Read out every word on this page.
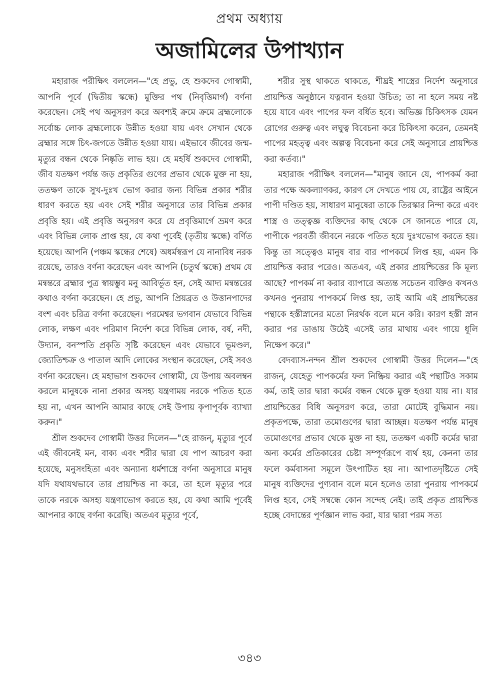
প্রথম অধ্যায়
অজামিলের উপাখ্যান

মহারাজ পরীক্ষিৎ বললেন—"হে প্রভু, হে শুকদেব গোস্বামী, আপনি পূর্বে (দ্বিতীয় স্কন্ধে) মুক্তির পথ (নিবৃত্তিমার্গ) বর্ণনা করেছেন। সেই পথ অনুসরণ করে অবশ্যই ক্রমে ক্রমে ব্রহ্মলোকে সর্বোচ্চ লোক ব্রহ্মলোকে উন্নীত হওয়া যায় এবং সেখান থেকে ব্রহ্মার সঙ্গে চিৎ-জগতে উন্নীত হওয়া যায়। এইভাবে জীবের জন্ম-মৃত্যুর বন্ধন থেকে নিষ্কৃতি লাভ হয়। হে মহর্ষি শুকদেব গোস্বামী, জীব যতক্ষণ পর্যন্ত জড় প্রকৃতির গুণের প্রভাব থেকে মুক্ত না হয়, ততক্ষণ তাকে সুখ-দুঃখ ভোগ করার জন্য বিভিন্ন প্রকার শরীর ধারণ করতে হয় এবং সেই শরীর অনুসারে তার বিভিন্ন প্রকার প্রবৃত্তি হয়। এই প্রবৃত্তি অনুসরণ করে যে প্রবৃত্তিমার্গে ভ্রমণ করে এবং বিভিন্ন লোক প্রাপ্ত হয়, যে কথা পূর্বেই (তৃতীয় স্কন্ধে) বর্ণিত হয়েছে। আপনি (পঞ্চম স্কন্ধের শেষে) অধর্মস্বরূপ যে নানাবিধ নরক রয়েছে, তারও বর্ণনা করেছেন এবং আপনি (চতুর্থ স্কন্ধে) প্রথম যে মন্বন্তরে ব্রহ্মার পুত্র স্বায়ম্ভুব মনু আবির্ভূত হন, সেই আদ্য মন্বন্তরের কথাও বর্ণনা করেছেন। হে প্রভু, আপনি প্রিয়ব্রত ও উত্তানপাদের বংশ এবং চরিত্র বর্ণনা করেছেন। পরমেশ্বর ভগবান যেভাবে বিভিন্ন লোক, লক্ষণ এবং পরিমাণ নির্দেশ করে বিভিন্ন লোক, বর্ষ, নদী, উদ্যান, বনস্পতি প্রকৃতি সৃষ্টি করেছেন এবং যেভাবে ভূমণ্ডল, জ্যোতিশ্চক্র ও পাতাল আদি লোকের সংস্থান করেছেন, সেই সবও বর্ণনা করেছেন। হে মহাভাগ শুকদেব গোস্বামী, যে উপায় অবলম্বন করলে মানুষকে নানা প্রকার অসহ্য যন্ত্রণাময় নরকে পতিত হতে হয় না, এখন আপনি আমার কাছে সেই উপায় কৃপাপূর্বক ব্যাখ্যা করুন।"

শ্রীল শুকদেব গোস্বামী উত্তর দিলেন—"হে রাজন্‌, মৃত্যুর পূর্বে এই জীবনেই মন, বাক্য এবং শরীর দ্বারা যে পাপ আচরণ করা হয়েছে, মনুসংহিতা এবং অন্যান্য ধর্মশাস্ত্রে বর্ণনা অনুসারে মানুষ যদি যথাযথভাবে তার প্রায়শ্চিত্ত না করে, তা হলে মৃত্যুর পরে তাকে নরকে অসহ্য যন্ত্রণাভোগ করতে হয়, যে কথা আমি পূর্বেই আপনার কাছে বর্ণনা করেছি। অতএব মৃত্যুর পূর্বে,

শরীর সুস্থ থাকতে থাকতে, শীঘ্রই শাস্ত্রের নির্দেশ অনুসারে প্রায়শ্চিত্ত অনুষ্ঠানে যত্নবান হওয়া উচিত; তা না হলে সময় নষ্ট হয়ে যাবে এবং পাপের ফল বর্ধিত হবে। অভিজ্ঞ চিকিৎসক যেমন রোগের গুরুত্ব এবং লঘুত্ব বিবেচনা করে চিকিৎসা করেন, তেমনই পাপের মহত্ত্ব এবং অল্পত্ব বিবেচনা করে সেই অনুসারে প্রায়শ্চিত্ত করা কর্তব্য।"

মহারাজ পরীক্ষিৎ বললেন—"মানুষ জানে যে, পাপকর্ম করা তার পক্ষে অকল্যাণকর, কারণ সে দেখতে পায় যে, রাষ্ট্রের আইনে পাপী দণ্ডিত হয়, সাধারণ মানুষেরা তাকে তিরস্কার নিন্দা করে এবং শাস্ত্র ও তত্ত্বজ্ঞ ব্যক্তিদের কাছ থেকে সে জানতে পারে যে, পাপীকে পরবর্তী জীবনে নরকে পতিত হয়ে দুঃখভোগ করতে হয়। কিন্তু তা সত্ত্বেও মানুষ বার বার পাপকর্মে লিপ্ত হয়, এমন কি প্রায়শ্চিত্ত করার পরেও। অতএব, এই প্রকার প্রায়শ্চিত্তের কি মূল্য আছে? পাপকর্ম না করার ব্যাপারে অত্যন্ত সচেতন ব্যক্তিও কখনও কখনও পুনরায় পাপকর্মে লিপ্ত হয়, তাই আমি এই প্রায়শ্চিত্তের পন্থাকে হস্তীস্নানের মতো নিরর্থক বলে মনে করি। কারণ হস্তী স্নান করার পর ডাঙায় উঠেই এসেই তার মাথায় এবং গায়ে ধূলি নিক্ষেপ করে।"

বেদব্যাস-নন্দন শ্রীল শুকদেব গোস্বামী উত্তর দিলেন—"হে রাজন্‌, যেহেতু পাপকর্মের ফল নিষ্ক্রিয় করার এই পন্থাটিও সকাম কর্ম, তাই তার দ্বারা কর্মের বন্ধন থেকে মুক্ত হওয়া যায় না। যার প্রায়শ্চিত্তের বিধি অনুসরণ করে, তারা মোটেই বুদ্ধিমান নয়। প্রকৃতপক্ষে, তারা তমোগুণের দ্বারা আচ্ছন্ন। যতক্ষণ পর্যন্ত মানুষ তমোগুণের প্রভাব থেকে মুক্ত না হয়, ততক্ষণ একটি কর্মের দ্বারা অন্য কর্মের প্রতিকারের চেষ্টা সম্পূর্ণরূপে ব্যর্থ হয়, কেননা তার ফলে কর্মবাসনা সমূলে উৎপাটিত হয় না। আপাতদৃষ্টিতে সেই মানুষ ব্যক্তিদের পুণ্যবান বলে মনে হলেও তারা পুনরায় পাপকর্মে লিপ্ত হবে, সেই সম্বন্ধে কোন সন্দেহ নেই। তাই প্রকৃত প্রায়শ্চিত্ত হচ্ছে বেদান্তের পূর্ণজ্ঞান লাভ করা, যার দ্বারা পরম সত্য

৩৪৩
